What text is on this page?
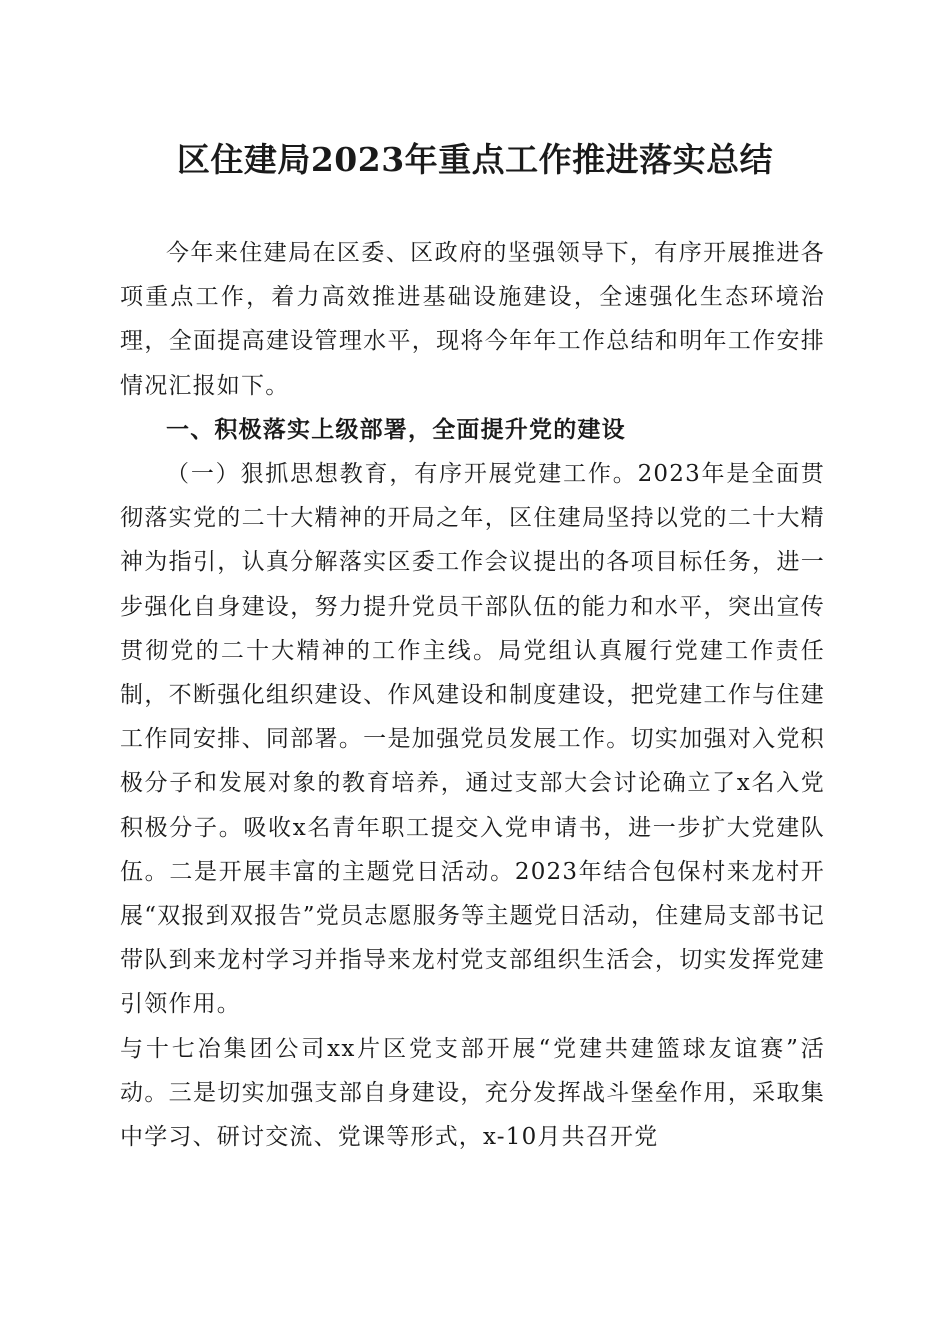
区住建局2023年重点工作推进落实总结

今年来住建局在区委、区政府的坚强领导下，有序开展推进各项重点工作，着力高效推进基础设施建设，全速强化生态环境治理，全面提高建设管理水平，现将今年年工作总结和明年工作安排情况汇报如下。

一、积极落实上级部署，全面提升党的建设

（一）狠抓思想教育，有序开展党建工作。2023年是全面贯彻落实党的二十大精神的开局之年，区住建局坚持以党的二十大精神为指引，认真分解落实区委工作会议提出的各项目标任务，进一步强化自身建设，努力提升党员干部队伍的能力和水平，突出宣传贯彻党的二十大精神的工作主线。局党组认真履行党建工作责任制，不断强化组织建设、作风建设和制度建设，把党建工作与住建工作同安排、同部署。一是加强党员发展工作。切实加强对入党积极分子和发展对象的教育培养，通过支部大会讨论确立了x名入党积极分子。吸收x名青年职工提交入党申请书，进一步扩大党建队伍。二是开展丰富的主题党日活动。2023年结合包保村来龙村开展“双报到双报告”党员志愿服务等主题党日活动，住建局支部书记带队到来龙村学习并指导来龙村党支部组织生活会，切实发挥党建引领作用。

与十七冶集团公司xx片区党支部开展“党建共建篮球友谊赛”活动。三是切实加强支部自身建设，充分发挥战斗堡垒作用，采取集中学习、研讨交流、党课等形式，x-10月共召开党
